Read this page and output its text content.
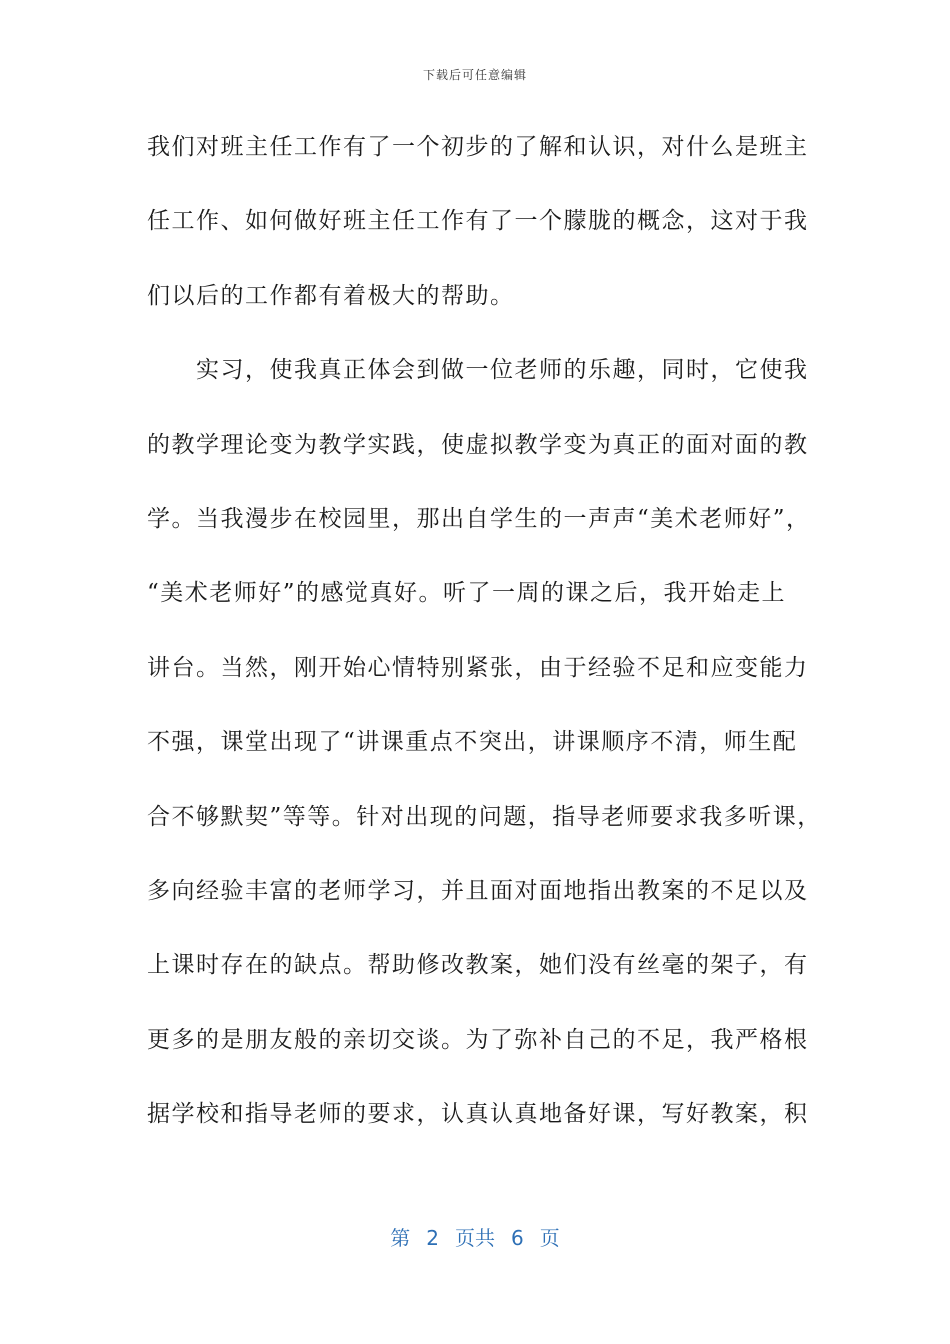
下载后可任意编辑
我们对班主任工作有了一个初步的了解和认识，对什么是班主
任工作、如何做好班主任工作有了一个朦胧的概念，这对于我
们以后的工作都有着极大的帮助。
　　实习，使我真正体会到做一位老师的乐趣，同时，它使我
的教学理论变为教学实践，使虚拟教学变为真正的面对面的教
学。当我漫步在校园里，那出自学生的一声声“美术老师好”，
“美术老师好”的感觉真好。听了一周的课之后，我开始走上
讲台。当然，刚开始心情特别紧张，由于经验不足和应变能力
不强，课堂出现了“讲课重点不突出，讲课顺序不清，师生配
合不够默契”等等。针对出现的问题，指导老师要求我多听课，
多向经验丰富的老师学习，并且面对面地指出教案的不足以及
上课时存在的缺点。帮助修改教案，她们没有丝毫的架子，有
更多的是朋友般的亲切交谈。为了弥补自己的不足，我严格根
据学校和指导老师的要求，认真认真地备好课，写好教案，积
第 2 页共 6 页
